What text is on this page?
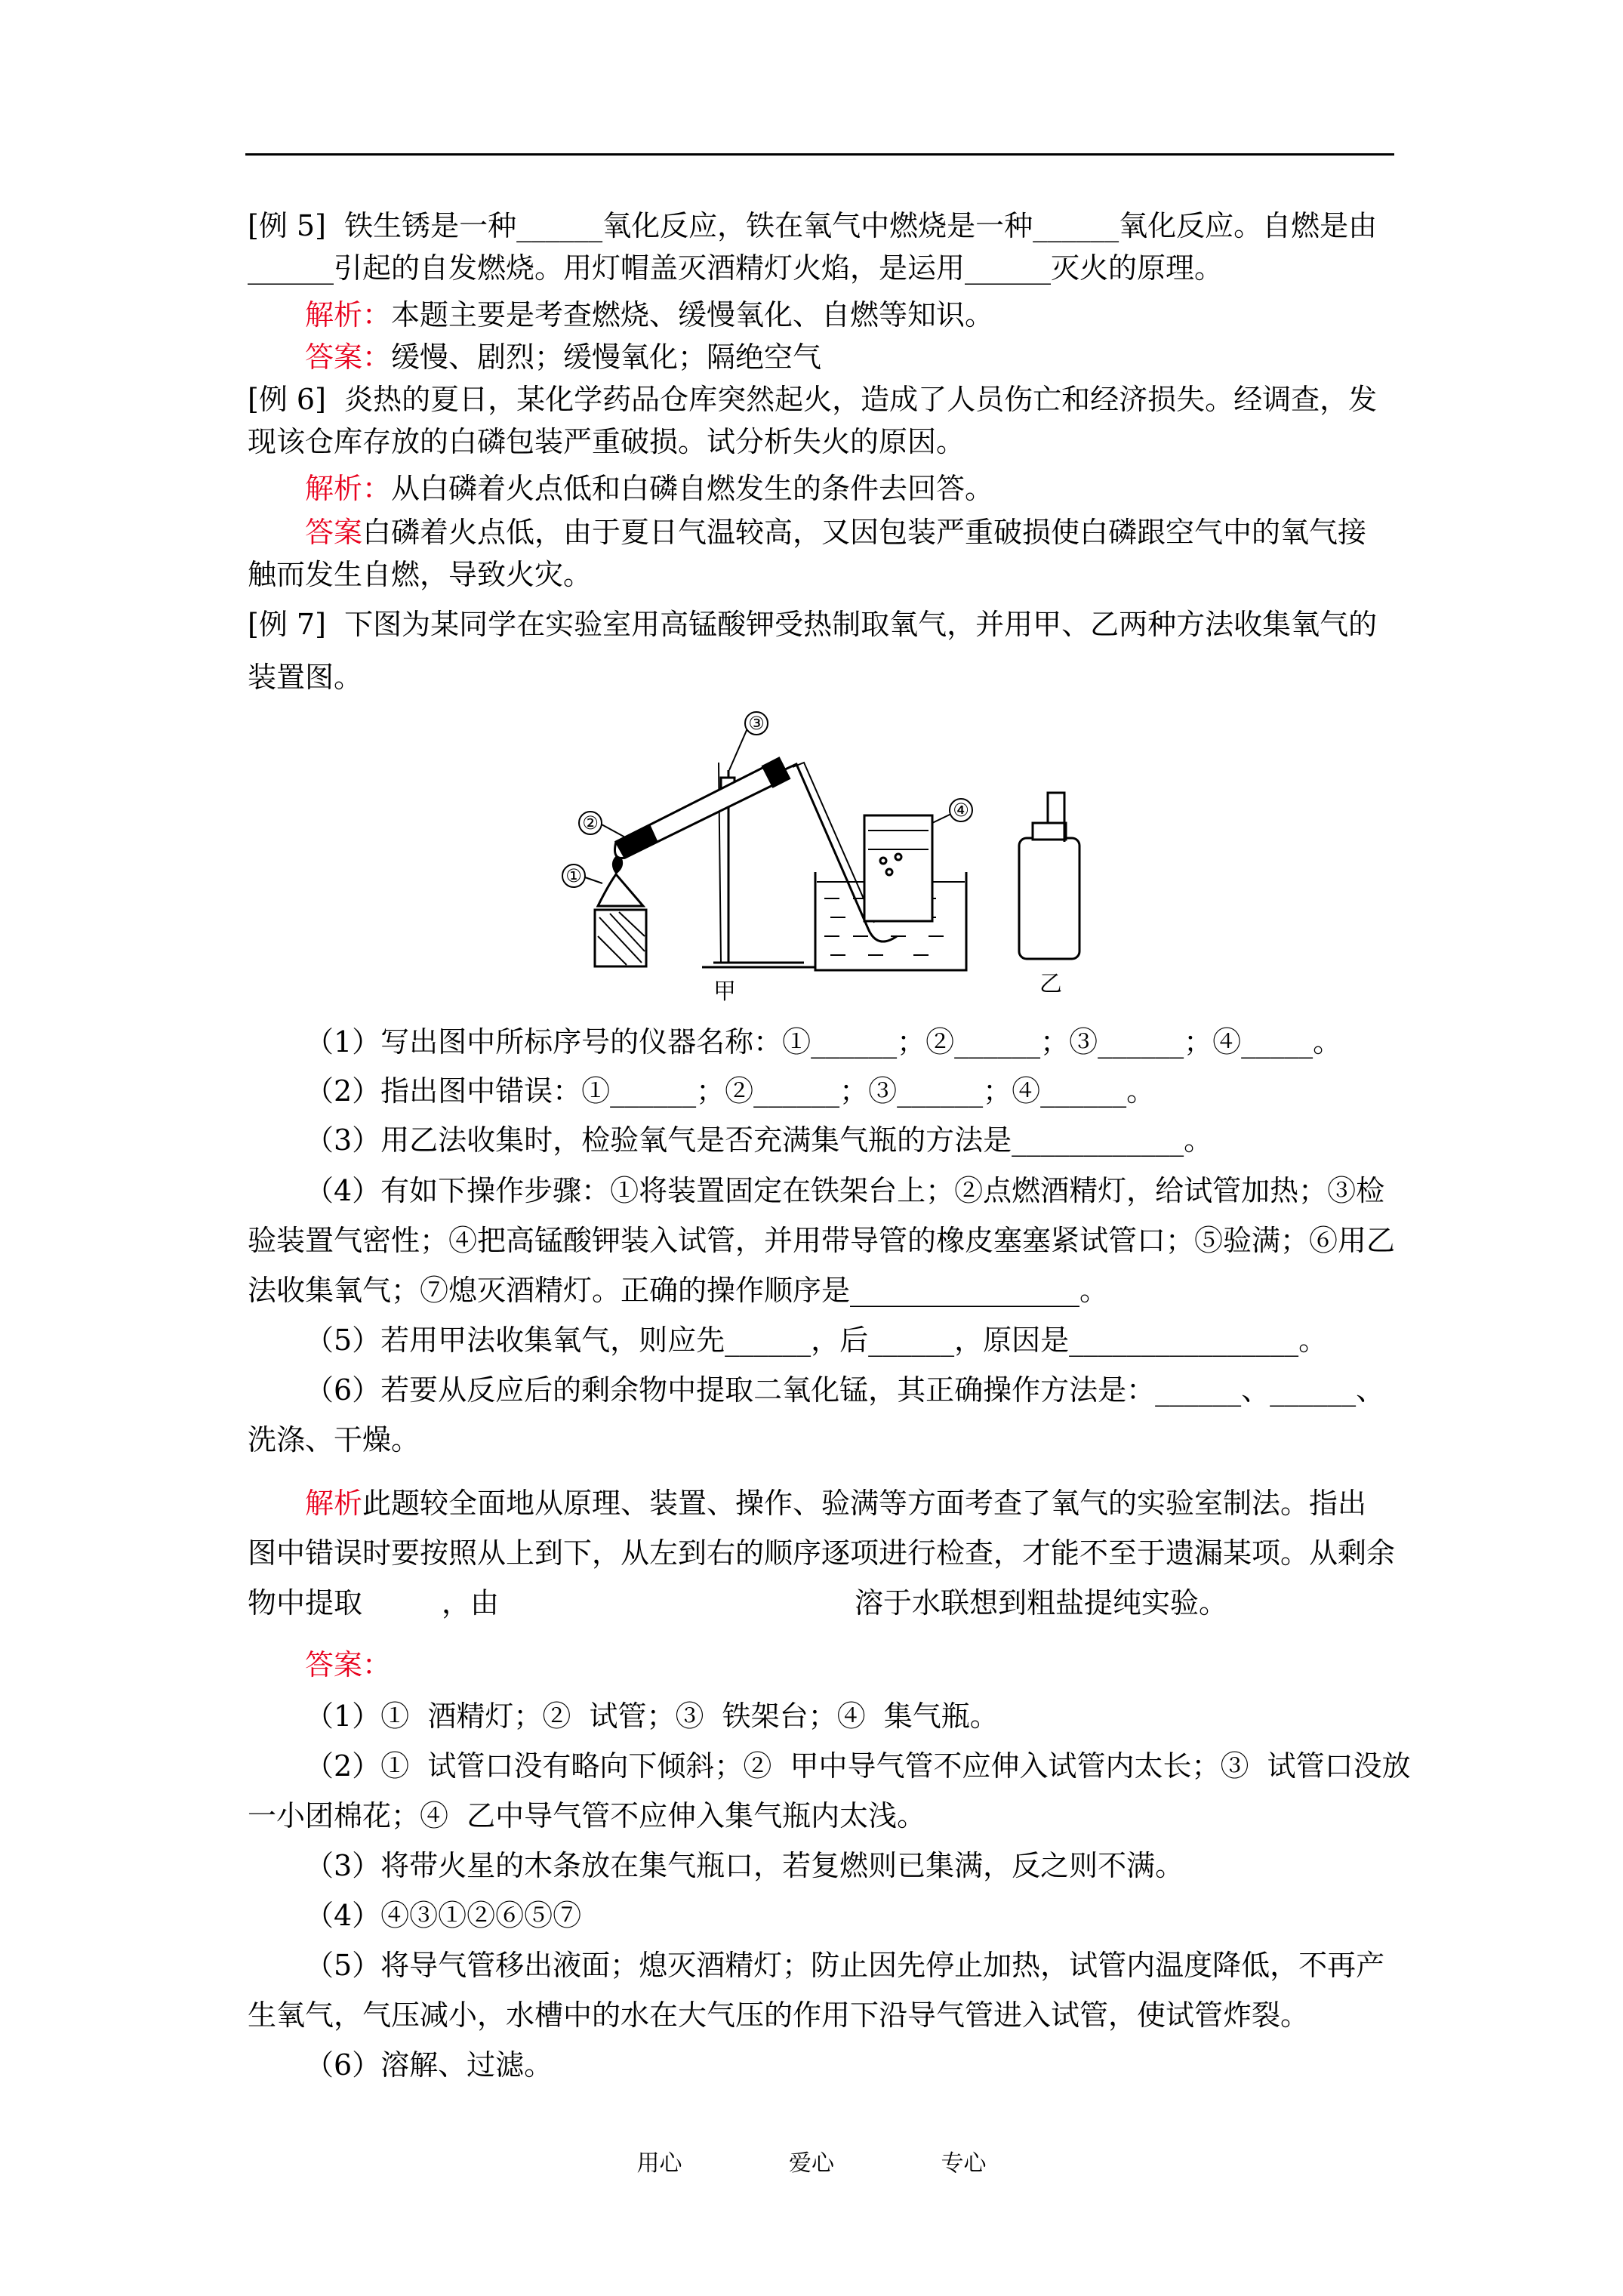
[例 5]  铁生锈是一种______氧化反应，铁在氧气中燃烧是一种______氧化反应。自燃是由
______引起的自发燃烧。用灯帽盖灭酒精灯火焰，是运用______灭火的原理。
解析：本题主要是考查燃烧、缓慢氧化、自燃等知识。
答案：缓慢、剧烈；缓慢氧化；隔绝空气
[例 6]  炎热的夏日，某化学药品仓库突然起火，造成了人员伤亡和经济损失。经调查，发
现该仓库存放的白磷包装严重破损。试分析失火的原因。
解析：从白磷着火点低和白磷自燃发生的条件去回答。
答案白磷着火点低，由于夏日气温较高，又因包装严重破损使白磷跟空气中的氧气接
触而发生自燃，导致火灾。
[例 7]  下图为某同学在实验室用高锰酸钾受热制取氧气，并用甲、乙两种方法收集氧气的
装置图。
③
②
①
④
甲	乙
（1）写出图中所标序号的仪器名称：①______；②______；③______；④_____。
（2）指出图中错误：①______；②______；③______；④______。
（3）用乙法收集时，检验氧气是否充满集气瓶的方法是____________。
（4）有如下操作步骤：①将装置固定在铁架台上；②点燃酒精灯，给试管加热；③检
验装置气密性；④把高锰酸钾装入试管，并用带导管的橡皮塞塞紧试管口；⑤验满；⑥用乙
法收集氧气；⑦熄灭酒精灯。正确的操作顺序是________________。
（5）若用甲法收集氧气，则应先______，后______，原因是________________。
（6）若要从反应后的剩余物中提取二氧化锰，其正确操作方法是：______、______、
洗涤、干燥。
解析此题较全面地从原理、装置、操作、验满等方面考查了氧气的实验室制法。指出
图中错误时要按照从上到下，从左到右的顺序逐项进行检查，才能不至于遗漏某项。从剩余
物中提取	，由	溶于水联想到粗盐提纯实验。
答案：
（1）①  酒精灯；②  试管；③  铁架台；④  集气瓶。
（2）①  试管口没有略向下倾斜；②  甲中导气管不应伸入试管内太长；③  试管口没放
一小团棉花；④  乙中导气管不应伸入集气瓶内太浅。
（3）将带火星的木条放在集气瓶口，若复燃则已集满，反之则不满。
（4）④③①②⑥⑤⑦
（5）将导气管移出液面；熄灭酒精灯；防止因先停止加热，试管内温度降低，不再产
生氧气，气压减小，水槽中的水在大气压的作用下沿导气管进入试管，使试管炸裂。
（6）溶解、过滤。
用心	爱心	专心
